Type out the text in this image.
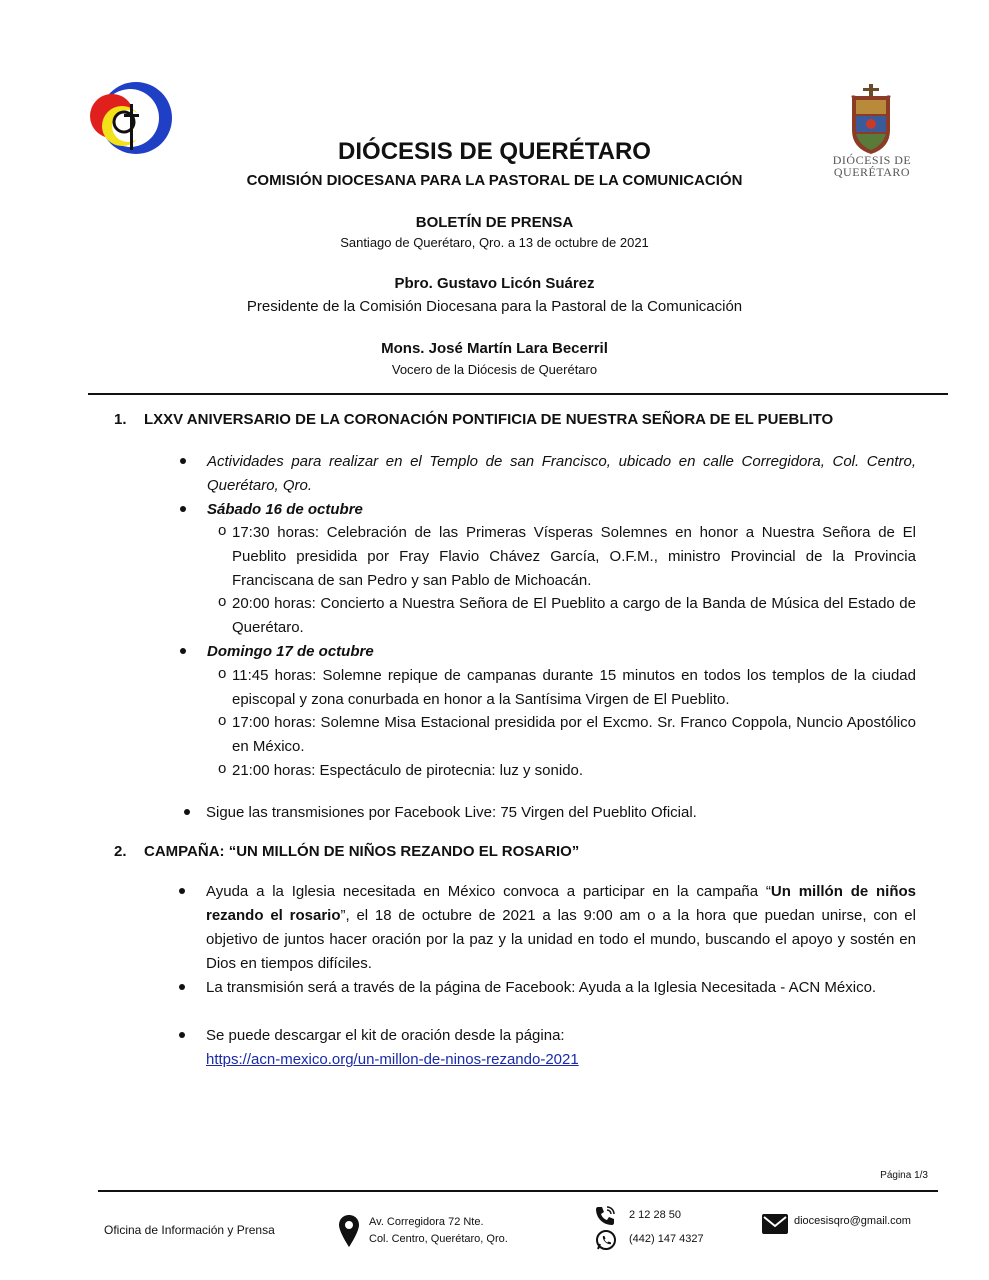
DIÓCESIS DE
QUERÉTARO
DIÓCESIS DE QUERÉTARO
COMISIÓN DIOCESANA PARA LA PASTORAL DE LA COMUNICACIÓN
BOLETÍN DE PRENSA
Santiago de Querétaro, Qro. a 13 de octubre de 2021
Pbro. Gustavo Licón Suárez
Presidente de la Comisión Diocesana para la Pastoral de la Comunicación
Mons. José Martín Lara Becerril
Vocero de la Diócesis de Querétaro
1. LXXV ANIVERSARIO DE LA CORONACIÓN PONTIFICIA DE NUESTRA SEÑORA DE EL PUEBLITO
Actividades para realizar en el Templo de san Francisco, ubicado en calle Corregidora, Col. Centro, Querétaro, Qro.
Sábado 16 de octubre
o 17:30 horas: Celebración de las Primeras Vísperas Solemnes en honor a Nuestra Señora de El Pueblito presidida por Fray Flavio Chávez García, O.F.M., ministro Provincial de la Provincia Franciscana de san Pedro y san Pablo de Michoacán.
o 20:00 horas: Concierto a Nuestra Señora de El Pueblito a cargo de la Banda de Música del Estado de Querétaro.
Domingo 17 de octubre
o 11:45 horas: Solemne repique de campanas durante 15 minutos en todos los templos de la ciudad episcopal y zona conurbada en honor a la Santísima Virgen de El Pueblito.
o 17:00 horas: Solemne Misa Estacional presidida por el Excmo. Sr. Franco Coppola, Nuncio Apostólico en México.
o 21:00 horas: Espectáculo de pirotecnia: luz y sonido.
Sigue las transmisiones por Facebook Live: 75 Virgen del Pueblito Oficial.
2. CAMPAÑA: “UN MILLÓN DE NIÑOS REZANDO EL ROSARIO”
Ayuda a la Iglesia necesitada en México convoca a participar en la campaña “Un millón de niños rezando el rosario”, el 18 de octubre de 2021 a las 9:00 am o a la hora que puedan unirse, con el objetivo de juntos hacer oración por la paz y la unidad en todo el mundo, buscando el apoyo y sostén en Dios en tiempos difíciles.
La transmisión será a través de la página de Facebook: Ayuda a la Iglesia Necesitada - ACN México.
Se puede descargar el kit de oración desde la página:
https://acn-mexico.org/un-millon-de-ninos-rezando-2021
Página 1/3
Oficina de Información y Prensa
Av. Corregidora 72 Nte.
Col. Centro, Querétaro, Qro.
2 12 28 50
(442) 147 4327
diocesisqro@gmail.com
